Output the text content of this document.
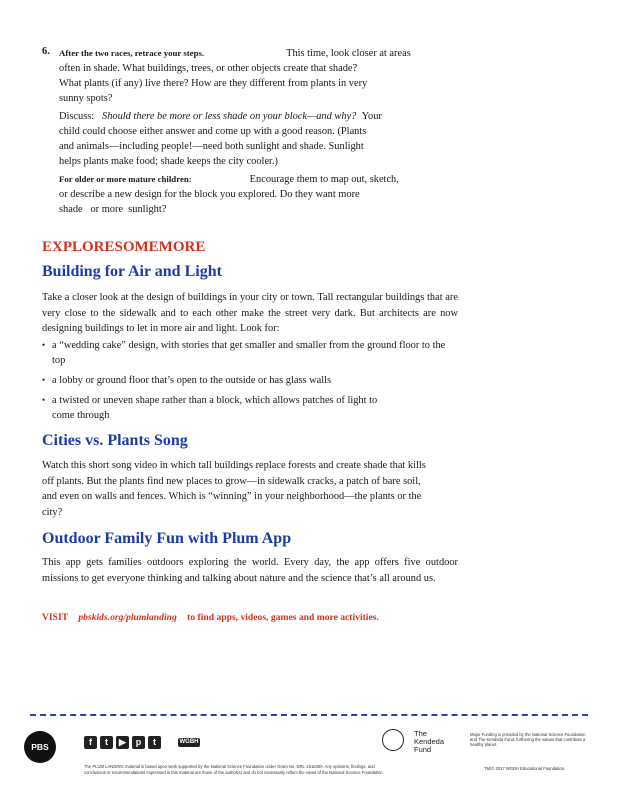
6. After the two races, retrace your steps.	This time, look closer at areas
often in shade. What buildings, trees, or other objects create that shade?
What plants (if any) live there? How are they different from plants in very
sunny spots?
Discuss: Should there be more or less shade on your block—and why? Your
child could choose either answer and come up with a good reason. (Plants
and animals—including people!—need both sunlight and shade. Sunlight
helps plants make food; shade keeps the city cooler.)
For older or more mature children:	Encourage them to map out, sketch,
or describe a new design for the block you explored. Do they want more
shade   or more  sunlight?
EXPLORESOMEMORE
Building for Air and Light
Take a closer look at the design of buildings in your city or town. Tall rectangular buildings that are very close to the sidewalk and to each other make the street very dark. But architects are now designing buildings to let in more air and light. Look for:
• a “wedding cake” design, with stories that get smaller and smaller from the ground floor to the top
• a lobby or ground floor that’s open to the outside or has glass walls
• a twisted or uneven shape rather than a block, which allows patches of light to come through
Cities vs. Plants Song
Watch this short song video in which tall buildings replace forests and create shade that kills off plants. But the plants find new places to grow—in sidewalk cracks, a patch of bare soil, and even on walls and fences. Which is “winning” in your neighborhood—the plants or the city?
Outdoor Family Fun with Plum App
This app gets families outdoors exploring the world. Every day, the app offers five outdoor missions to get everyone thinking and talking about nature and the science that’s all around us.
VISIT pbskids.org/plumlanding to find apps, videos, games and more activities.
PBS KIDS
f	t	▶	p	t	WGBH
The Kendeda Fund
Major Funding is provided by the National Science Foundation and The Kendeda Fund, furthering the values that contribute a healthy planet.
The PLUM LANDING material is based upon work supported by the National Science Foundation under Grant No. DRL-1516400. Any opinions, findings, and
conclusions or recommendations expressed in this material are those of the author(s) and do not necessarily reflect the views of the National Science Foundation.
TM/© 2017 WGBH Educational Foundation.
